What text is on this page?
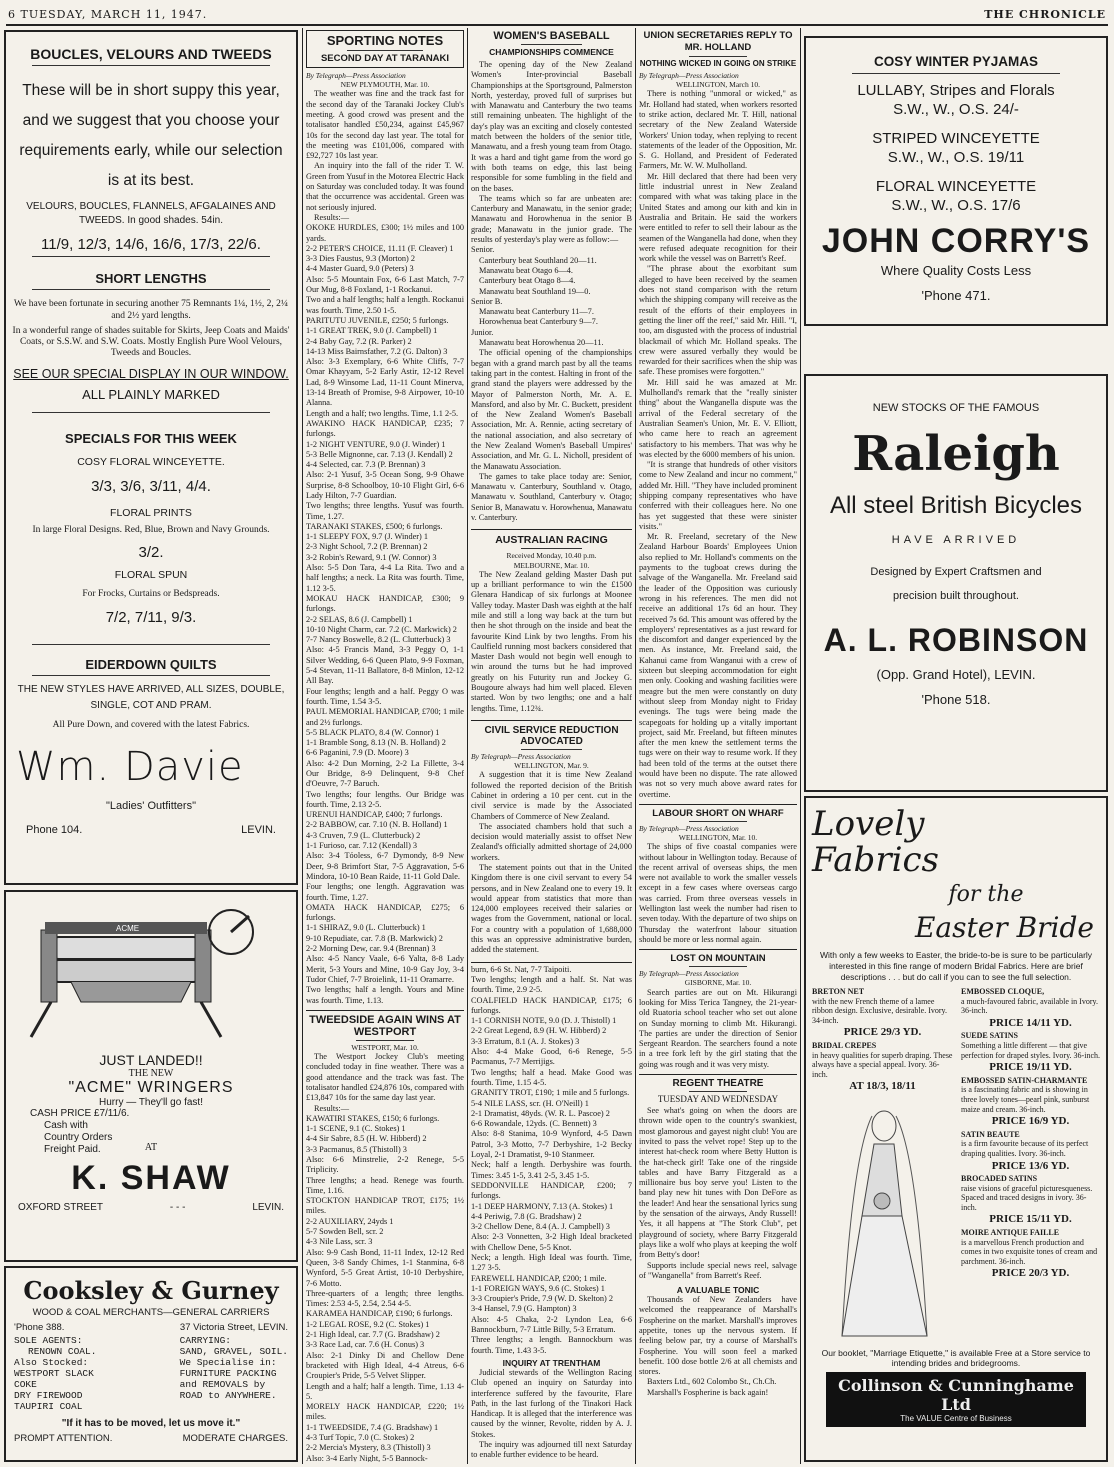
6 TUESDAY, MARCH 11, 1947.	THE CHRONICLE
BOUCLES, VELOURS AND TWEEDS
These will be in short suppy this year, and we suggest that you choose your requirements early, while our selection is at its best.
VELOURS, BOUCLES, FLANNELS, AFGALAINES AND TWEEDS. In good shades. 54in.
11/9, 12/3, 14/6, 16/6, 17/3, 22/6.
SHORT LENGTHS
We have been fortunate in securing another 75 Remnants 1¼, 1½, 2, 2¼ and 2½ yard lengths.
In a wonderful range of shades suitable for Skirts, Jeep Coats and Maids' Coats, or S.S.W. and S.W. Coats. Mostly English Pure Wool Velours, Tweeds and Boucles.
SEE OUR SPECIAL DISPLAY IN OUR WINDOW.
ALL PLAINLY MARKED
SPECIALS FOR THIS WEEK
COSY FLORAL WINCEYETTE.
3/3, 3/6, 3/11, 4/4.
FLORAL PRINTS
In large Floral Designs. Red, Blue, Brown and Navy Grounds.
3/2.
FLORAL SPUN
For Frocks, Curtains or Bedspreads.
7/2, 7/11, 9/3.
EIDERDOWN QUILTS
THE NEW STYLES HAVE ARRIVED, ALL SIZES, DOUBLE, SINGLE, COT AND PRAM.
All Pure Down, and covered with the latest Fabrics.
Wm. Davie
"Ladies' Outfitters"
Phone 104.	LEVIN.
ACME
JUST LANDED!!
THE NEW
"ACME" WRINGERS
Hurry — They'll go fast!
CASH PRICE £7/11/6.
Cash with
Country Orders
Freight Paid.	AT
K. SHAW
OXFORD STREET	- - -	LEVIN.
Cooksley & Gurney
WOOD & COAL MERCHANTS—GENERAL CARRIERS
'Phone 388.	37 Victoria Street, LEVIN.
SOLE AGENTS:
RENOWN COAL.
Also Stocked:
WESTPORT SLACK
COKE
DRY FIREWOOD
TAUPIRI COAL
CARRYING:
SAND, GRAVEL, SOIL.
We Specialise in:
FURNITURE PACKING
and REMOVALS by
ROAD to ANYWHERE.
"If it has to be moved, let us move it."
PROMPT ATTENTION.	MODERATE CHARGES.
SPORTING NOTES
SECOND DAY AT TARANAKI
By Telegraph—Press Association
NEW PLYMOUTH, Mar. 10.
The weather was fine and the track fast for the second day of the Taranaki Jockey Club's meeting. A good crowd was present and the totalisator handled £50,234, against £45,967 10s for the second day last year. The total for the meeting was £101,006, compared with £92,727 10s last year.
An inquiry into the fall of the rider T. W. Green from Yusuf in the Motorea Electric Hack on Saturday was concluded today. It was found that the occurrence was accidental. Green was not seriously injured.
Results:—
OKOKE HURDLES, £300; 1½ miles and 100 yards.
2-2 PETER'S CHOICE, 11.11 (F. Cleaver) 1
3-3 Dies Faustus, 9.3 (Morton) 2
4-4 Master Guard, 9.0 (Peters) 3
Also: 5-5 Mountain Fox, 6-6 Last Match, 7-7 Our Mug, 8-8 Foxland, 1-1 Rockanui.
Two and a half lengths; half a length. Rockanui was fourth. Time, 2.50 1-5.
PARITUTU JUVENILE, £250; 5 furlongs.
1-1 GREAT TREK, 9.0 (J. Campbell) 1
2-4 Baby Gay, 7.2 (R. Parker) 2
14-13 Miss Bairnsfather, 7.2 (G. Dalton) 3
Also: 3-3 Exemplary, 6-6 White Cliffs, 7-7 Omar Khayyam, 5-2 Early Astir, 12-12 Revel Lad, 8-9 Winsome Lad, 11-11 Count Minerva, 13-14 Breath of Promise, 9-8 Airpower, 10-10 Alanna.
Length and a half; two lengths. Time, 1.1 2-5.
AWAKINO HACK HANDICAP, £235; 7 furlongs.
1-2 NIGHT VENTURE, 9.0 (J. Winder) 1
5-3 Belle Mignonne, car. 7.13 (J. Kendall) 2
4-4 Selected, car. 7.3 (P. Brennan) 3
Also: 2-1 Yusuf, 3-5 Ocean Song, 9-9 Ohawe Surprise, 8-8 Schoolboy, 10-10 Flight Girl, 6-6 Lady Hilton, 7-7 Guardian.
Two lengths; three lengths. Yusuf was fourth. Time, 1.27.
TARANAKI STAKES, £500; 6 furlongs.
1-1 SLEEPY FOX, 9.7 (J. Winder) 1
2-3 Night School, 7.2 (P. Brennan) 2
3-2 Robin's Reward, 9.1 (W. Connor) 3
Also: 5-5 Don Tara, 4-4 La Rita. Two and a half lengths; a neck. La Rita was fourth. Time, 1.12 3-5.
MOKAU HACK HANDICAP, £300; 9 furlongs.
2-2 SELAS, 8.6 (J. Campbell) 1
10-10 Night Charm, car. 7.2 (C. Markwick) 2
7-7 Nancy Boswelle, 8.2 (L. Clutterbuck) 3
Also: 4-5 Francis Mand, 3-3 Peggy O, 1-1 Silver Wedding, 6-6 Queen Plato, 9-9 Foxman, 5-4 Stevan, 11-11 Ballatore, 8-8 Minlon, 12-12 All Bay.
Four lengths; length and a half. Peggy O was fourth. Time, 1.54 3-5.
PAUL MEMORIAL HANDICAP, £700; 1 mile and 2½ furlongs.
5-5 BLACK PLATO, 8.4 (W. Connor) 1
1-1 Bramble Song, 8.13 (N. B. Holland) 2
6-6 Paganini, 7.9 (D. Moore) 3
Also: 4-2 Dun Morning, 2-2 La Fillette, 3-4 Our Bridge, 8-9 Delinquent, 9-8 Chef d'Oeuvre, 7-7 Baruch.
Two lengths; four lengths. Our Bridge was fourth. Time, 2.13 2-5.
URENUI HANDICAP, £400; 7 furlongs.
2-2 BABBOW, car. 7.10 (N. B. Holland) 1
4-3 Cruven, 7.9 (L. Clutterbuck) 2
1-1 Furioso, car. 7.12 (Kendall) 3
Also: 3-4 Tóoless, 6-7 Dymondy, 8-9 New Deer, 9-8 Brimfort Star, 7-5 Aggravation, 5-6 Mindora, 10-10 Bean Raide, 11-11 Gold Dale.
Four lengths; one length. Aggravation was fourth. Time, 1.27.
OMATA HACK HANDICAP, £275; 6 furlongs.
1-1 SHIRAZ, 9.0 (L. Clutterbuck) 1
9-10 Repudiate, car. 7.8 (B. Markwick) 2
2-2 Morning Dew, car. 9.4 (Brennan) 3
Also: 4-5 Nancy Vaale, 6-6 Yalta, 8-8 Lady Merit, 5-3 Yours and Mine, 10-9 Gay Joy, 3-4 Tudor Chief, 7-7 Broielink, 11-11 Oramarre.
Two lengths; half a length. Yours and Mine was fourth. Time, 1.13.
TWEEDSIDE AGAIN WINS AT WESTPORT
WESTPORT, Mar. 10.
The Westport Jockey Club's meeting concluded today in fine weather. There was a good attendance and the track was fast. The totalisator handled £24,876 10s, compared with £13,847 10s for the same day last year.
Results:—
KAWATIRI STAKES, £150; 6 furlongs.
1-1 SCENE, 9.1 (C. Stokes) 1
4-4 Sir Sabre, 8.5 (H. W. Hibberd) 2
3-3 Pacmanus, 8.5 (Thistoll) 3
Also: 6-6 Minstrelie, 2-2 Renege, 5-5 Triplicity.
Three lengths; a head. Renege was fourth. Time, 1.16.
STOCKTON HANDICAP TROT, £175; 1½ miles.
2-2 AUXILIARY, 24yds 1
5-7 Sowden Bell, scr. 2
4-3 Nile Lass, scr. 3
Also: 9-9 Cash Bond, 11-11 Index, 12-12 Red Queen, 3-8 Sandy Chimes, 1-1 Stanmina, 6-8 Wynford, 5-5 Great Artist, 10-10 Derbyshire, 7-6 Motto.
Three-quarters of a length; three lengths. Times: 2.53 4-5, 2.54, 2.54 4-5.
KARAMEA HANDICAP, £190; 6 furlongs.
1-2 LEGAL ROSE, 9.2 (C. Stokes) 1
2-1 High Ideal, car. 7.7 (G. Bradshaw) 2
3-3 Race Lad, car. 7.6 (H. Conus) 3
Also: 2-1 Dinky Di and Chellow Dene bracketed with High Ideal, 4-4 Atreus, 6-6 Croupier's Pride, 5-5 Velvet Slipper.
Length and a half; half a length. Time, 1.13 4-5.
MORELY HACK HANDICAP, £220; 1½ miles.
1-1 TWEEDSIDE, 7.4 (G. Bradshaw) 1
4-3 Turf Topic, 7.0 (C. Stokes) 2
2-2 Mercia's Mystery, 8.3 (Thistoll) 3
Also: 3-4 Early Night, 5-5 Bannock-
WOMEN'S BASEBALL
CHAMPIONSHIPS COMMENCE
The opening day of the New Zealand Women's Inter-provincial Baseball Championships at the Sportsground, Palmerston North, yesterday, proved full of surprises but with Manawatu and Canterbury the two teams still remaining unbeaten. The highlight of the day's play was an exciting and closely contested match between the holders of the senior title, Manawatu, and a fresh young team from Otago. It was a hard and tight game from the word go with both teams on edge, this last being responsible for some fumbling in the field and on the bases.
The teams which so far are unbeaten are: Canterbury and Manawatu, in the senior grade; Manawatu and Horowhenua in the senior B grade; Manawatu in the junior grade. The results of yesterday's play were as follow:—
Senior.
Canterbury beat Southland 20—11.
Manawatu beat Otago 6—4.
Canterbury beat Otago 8—4.
Manawatu beat Southland 19—0.
Senior B.
Manawatu beat Canterbury 11—7.
Horowhenua beat Canterbury 9—7.
Junior.
Manawatu beat Horowhenua 20—11.
The official opening of the championships began with a grand march past by all the teams taking part in the contest. Halting in front of the grand stand the players were addressed by the Mayor of Palmerston North, Mr. A. E. Mansford, and also by Mr. C. Buckett, president of the New Zealand Women's Baseball Association, Mr. A. Rennie, acting secretary of the national association, and also secretary of the New Zealand Women's Baseball Umpires' Association, and Mr. G. L. Nicholl, president of the Manawatu Association.
The games to take place today are: Senior, Manawatu v. Canterbury, Southland v. Otago, Manawatu v. Southland, Canterbury v. Otago; Senior B, Manawatu v. Horowhenua, Manawatu v. Canterbury.
AUSTRALIAN RACING
Received Monday, 10.40 p.m.
MELBOURNE, Mar. 10.
The New Zealand gelding Master Dash put up a brilliant performance to win the £1500 Glenara Handicap of six furlongs at Moonee Valley today. Master Dash was eighth at the half mile and still a long way back at the turn but then he shot through on the inside and beat the favourite Kind Link by two lengths. From his Caulfield running most backers considered that Master Dash would not begin well enough to win around the turns but he had improved greatly on his Futurity run and Jockey G. Bougoure always had him well placed. Eleven started. Won by two lengths; one and a half lengths. Time, 1.12¾.
CIVIL SERVICE REDUCTION ADVOCATED
By Telegraph—Press Association
WELLINGTON, Mar. 9.
A suggestion that it is time New Zealand followed the reported decision of the British Cabinet in ordering a 10 per cent. cut in the civil service is made by the Associated Chambers of Commerce of New Zealand.
The associated chambers hold that such a decision would materially assist to offset New Zealand's officially admitted shortage of 24,000 workers.
The statement points out that in the United Kingdom there is one civil servant to every 54 persons, and in New Zealand one to every 19. It would appear from statistics that more than 124,000 employees received their salaries or wages from the Government, national or local. For a country with a population of 1,688,000 this was an oppressive administrative burden, added the statement.
burn, 6-6 St. Nat, 7-7 Taipoiti.
Two lengths; length and a half. St. Nat was fourth. Time, 2.9 2-5.
COALFIELD HACK HANDICAP, £175; 6 furlongs.
1-1 CORNISH NOTE, 9.0 (D. J. Thistoll) 1
2-2 Great Legend, 8.9 (H. W. Hibberd) 2
3-3 Erratum, 8.1 (A. J. Stokes) 3
Also: 4-4 Make Good, 6-6 Renege, 5-5 Pacmanus, 7-7 Merrijigs.
Two lengths; half a head. Make Good was fourth. Time, 1.15 4-5.
GRANITY TROT, £190; 1 mile and 5 furlongs.
5-4 NILE LASS, scr. (H. O'Neill) 1
2-1 Dramatist, 48yds. (W. R. L. Pascoe) 2
6-6 Rowandale, 12yds. (C. Bennett) 3
Also: 8-8 Stanima, 10-9 Wynford, 4-5 Dawn Patrol, 3-3 Motto, 7-7 Derbyshire, 1-2 Becky Loyal, 2-1 Dramatist, 9-10 Stanmeer.
Neck; half a length. Derbyshire was fourth. Times: 3.45 1-5, 3.41 2-5, 3.45 1-5.
SEDDONVILLE HANDICAP, £200; 7 furlongs.
1-1 DEEP HARMONY, 7.13 (A. Stokes) 1
4-4 Periwig, 7.8 (G. Bradshaw) 2
3-2 Chellow Dene, 8.4 (A. J. Campbell) 3
Also: 2-3 Vonnetten, 3-2 High Ideal bracketed with Chellow Dene, 5-5 Knot.
Neck; a length. High Ideal was fourth. Time, 1.27 3-5.
FAREWELL HANDICAP, £200; 1 mile.
1-1 FOREIGN WAYS, 9.6 (C. Stokes) 1
3-3 Croupier's Pride, 7.9 (W. D. Skelton) 2
3-4 Hansel, 7.9 (G. Hampton) 3
Also: 4-5 Chaka, 2-2 Lyndon Lea, 6-6 Bannockburn, 7-7 Little Billy, 5-3 Erratum.
Three lengths; a length. Bannockburn was fourth. Time, 1.43 3-5.
INQUIRY AT TRENTHAM
Judicial stewards of the Wellington Racing Club opened an inquiry on Saturday into interference suffered by the favourite, Flare Path, in the last furlong of the Tinakori Hack Handicap. It is alleged that the interference was caused by the winner, Revolte, ridden by A. J. Stokes.
The inquiry was adjourned till next Saturday to enable further evidence to be heard.
UNION SECRETARIES REPLY TO MR. HOLLAND
NOTHING WICKED IN GOING ON STRIKE
By Telegraph—Press Association
WELLINGTON, March 10.
There is nothing "unmoral or wicked," as Mr. Holland had stated, when workers resorted to strike action, declared Mr. T. Hill, national secretary of the New Zealand Waterside Workers' Union today, when replying to recent statements of the leader of the Opposition, Mr. S. G. Holland, and President of Federated Farmers, Mr. W. W. Mulholland.
Mr. Hill declared that there had been very little industrial unrest in New Zealand compared with what was taking place in the United States and among our kith and kin in Australia and Britain. He said the workers were entitled to refer to sell their labour as the seamen of the Wanganella had done, when they were refused adequate recognition for their work while the vessel was on Barrett's Reef.
"The phrase about the exorbitant sum alleged to have been received by the seamen does not stand comparison with the return which the shipping company will receive as the result of the efforts of their employees in getting the liner off the reef," said Mr. Hill. "I, too, am disgusted with the process of industrial blackmail of which Mr. Holland speaks. The crew were assured verbally they would be rewarded for their sacrifices when the ship was safe. These promises were forgotten."
Mr. Hill said he was amazed at Mr. Mulholland's remark that the "really sinister thing" about the Wanganella dispute was the arrival of the Federal secretary of the Australian Seamen's Union, Mr. E. V. Elliott, who came here to reach an agreement satisfactory to his members. That was why he was elected by the 6000 members of his union.
"It is strange that hundreds of other visitors come to New Zealand and incur no comment," added Mr. Hill. "They have included prominent shipping company representatives who have conferred with their colleagues here. No one has yet suggested that these were sinister visits."
Mr. R. Freeland, secretary of the New Zealand Harbour Boards' Employees Union also replied to Mr. Holland's comments on the payments to the tugboat crews during the salvage of the Wanganella. Mr. Freeland said the leader of the Opposition was curiously wrong in his references. The men did not receive an additional 17s 6d an hour. They received 7s 6d. This amount was offered by the employers' representatives as a just reward for the discomfort and danger experienced by the men. As instance, Mr. Freeland said, the Kahanui came from Wanganui with a crew of sixteen but sleeping accommodation for eight men only. Cooking and washing facilities were meagre but the men were constantly on duty without sleep from Monday night to Friday evenings. The tugs were being made the scapegoats for holding up a vitally important project, said Mr. Freeland, but fifteen minutes after the men knew the settlement terms the tugs were on their way to resume work. If they had been told of the terms at the outset there would have been no dispute. The rate allowed was not so very much above award rates for overtime.
LABOUR SHORT ON WHARF
By Telegraph—Press Association
WELLINGTON, Mar. 10.
The ships of five coastal companies were without labour in Wellington today. Because of the recent arrival of overseas ships, the men were not available to work the smaller vessels except in a few cases where overseas cargo was carried. From three overseas vessels in Wellington last week the number had risen to seven today. With the departure of two ships on Thursday the waterfront labour situation should be more or less normal again.
LOST ON MOUNTAIN
By Telegraph—Press Association
GISBORNE, Mar. 10.
Search parties are out on Mt. Hikurangi looking for Miss Terica Tangney, the 21-year-old Ruatoria school teacher who set out alone on Sunday morning to climb Mt. Hikurangi. The parties are under the direction of Senior Sergeant Reardon. The searchers found a note in a tree fork left by the girl stating that the going was rough and it was very misty.
REGENT THEATRE
TUESDAY AND WEDNESDAY
See what's going on when the doors are thrown wide open to the country's swankiest, most glamorous and gayest night club! You are invited to pass the velvet rope! Step up to the interest hat-check room where Betty Hutton is the hat-check girl! Take one of the ringside tables and have Barry Fitzgerald as a millionaire bus boy serve you! Listen to the band play new hit tunes with Don DeFore as the leader! And hear the sensational lyrics sung by the sensation of the airways, Andy Russell! Yes, it all happens at "The Stork Club", pet playground of society, where Barry Fitzgerald plays like a wolf who plays at keeping the wolf from Betty's door!
Supports include special news reel, salvage of "Wanganella" from Barrett's Reef.
A VALUABLE TONIC
Thousands of New Zealanders have welcomed the reappearance of Marshall's Fospherine on the market. Marshall's improves appetite, tones up the nervous system. If feeling below par, try a course of Marshall's Fospherine. You will soon feel a marked benefit. 100 dose bottle 2/6 at all chemists and stores.
Baxters Ltd., 602 Colombo St., Ch.Ch.
Marshall's Fospherine is back again!
COSY WINTER PYJAMAS
LULLABY, Stripes and Florals
S.W., W., O.S. 24/-
STRIPED WINCEYETTE
S.W., W., O.S. 19/11
FLORAL WINCEYETTE
S.W., W., O.S. 17/6
JOHN CORRY'S
Where Quality Costs Less
'Phone 471.
NEW STOCKS OF THE FAMOUS
Raleigh
All steel British Bicycles
HAVE ARRIVED
Designed by Expert Craftsmen and
precision built throughout.
A. L. ROBINSON
(Opp. Grand Hotel), LEVIN.
'Phone 518.
Lovely
Fabrics
for the
Easter Bride
With only a few weeks to Easter, the bride-to-be is sure to be particularly interested in this fine range of modern Bridal Fabrics. Here are brief descriptions . . . but do call if you can to see the full selection.
BRETON NET
with the new French theme of a lamee ribbon design. Exclusive, desirable. Ivory. 34-inch.
PRICE 29/3 YD.
BRIDAL CREPES
in heavy qualities for superb draping. These always have a special appeal. Ivory. 36-inch.
AT 18/3, 18/11
EMBOSSED CLOQUE,
a much-favoured fabric, available in Ivory. 36-inch.
PRICE 14/11 YD.
SUEDE SATINS
Something a little different — that give perfection for draped styles. Ivory. 36-inch.
PRICE 19/11 YD.
EMBOSSED SATIN-CHARMANTE
is a fascinating fabric and is showing in three lovely tones—pearl pink, sunburst maize and cream. 36-inch.
PRICE 16/9 YD.
SATIN BEAUTE
is a firm favourite because of its perfect draping qualities. Ivory. 36-inch.
PRICE 13/6 YD.
BROCADED SATINS
raise visions of graceful picturesqueness. Spaced and traced designs in ivory. 36-inch.
PRICE 15/11 YD.
MOIRE ANTIQUE FAILLE
is a marvellous French production and comes in two exquisite tones of cream and parchment. 36-inch.
PRICE 20/3 YD.
Our booklet, "Marriage Etiquette," is available Free at a Store service to intending brides and bridegrooms.
Collinson & Cunninghame Ltd
The VALUE Centre of Business
